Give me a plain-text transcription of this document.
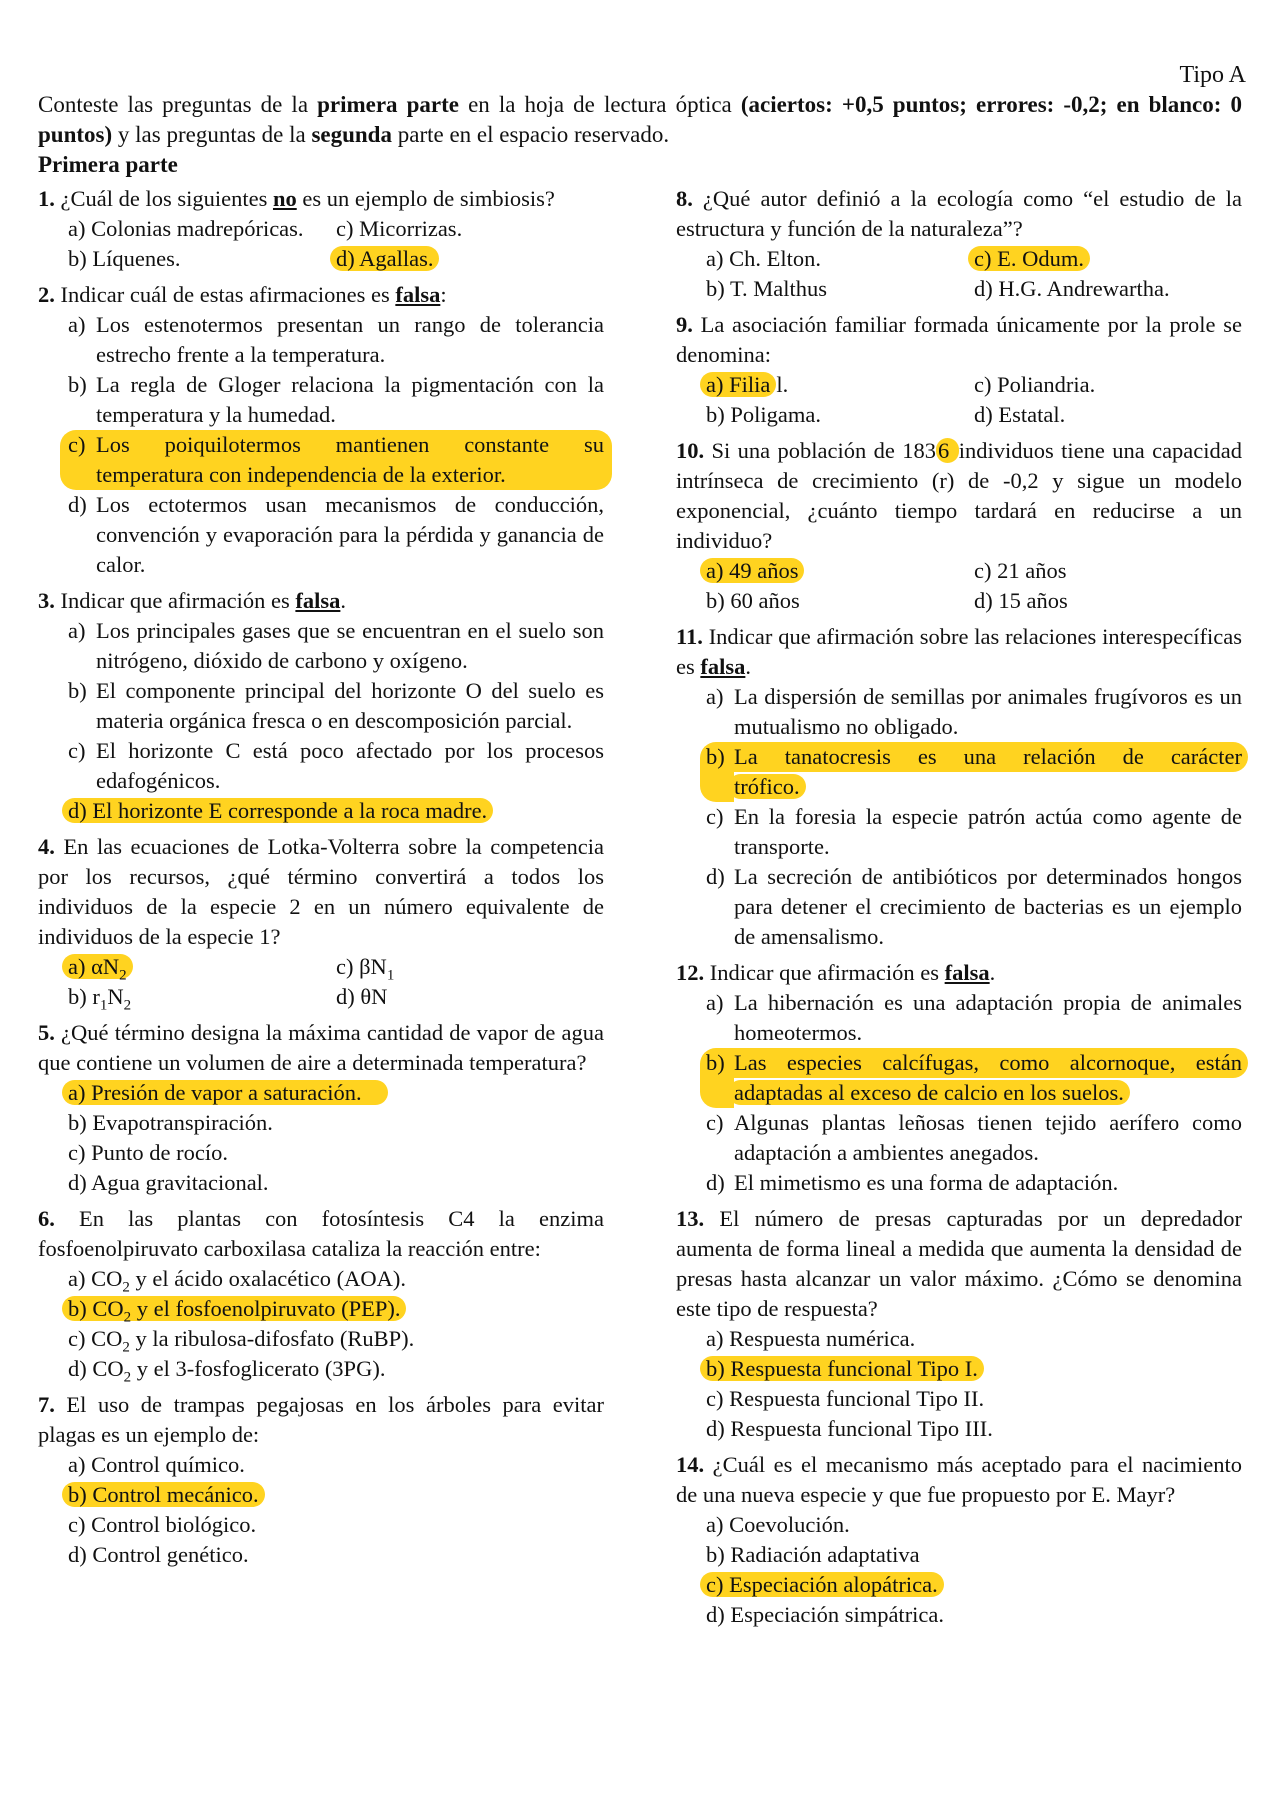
Tipo A
Conteste las preguntas de la primera parte en la hoja de lectura óptica (aciertos: +0,5 puntos; errores: -0,2; en blanco: 0 puntos) y las preguntas de la segunda parte en el espacio reservado.
Primera parte
1. ¿Cuál de los siguientes no es un ejemplo de simbiosis?
a) Colonias madrepóricas.	c) Micorrizas.
b) Líquenes.	d) Agallas.
2. Indicar cuál de estas afirmaciones es falsa:
a) Los estenotermos presentan un rango de tolerancia estrecho frente a la temperatura.
b) La regla de Gloger relaciona la pigmentación con la temperatura y la humedad.
c) Los poiquilotermos mantienen constante su
temperatura con independencia de la exterior.
d) Los ectotermos usan mecanismos de conducción, convención y evaporación para la pérdida y ganancia de calor.
3. Indicar que afirmación es falsa.
a) Los principales gases que se encuentran en el suelo son nitrógeno, dióxido de carbono y oxígeno.
b) El componente principal del horizonte O del suelo es materia orgánica fresca o en descomposición parcial.
c) El horizonte C está poco afectado por los procesos edafogénicos.
d) El horizonte E corresponde a la roca madre.
4. En las ecuaciones de Lotka-Volterra sobre la competencia por los recursos, ¿qué término convertirá a todos los individuos de la especie 2 en un número equivalente de individuos de la especie 1?
a) $\alpha N_2$	c) $\beta N_1$
b) $r_1N_2$	d) θN
5. ¿Qué término designa la máxima cantidad de vapor de agua que contiene un volumen de aire a determinada temperatura?
a) Presión de vapor a saturación.
b) Evapotranspiración.
c) Punto de rocío.
d) Agua gravitacional.
6. En las plantas con fotosíntesis C4 la enzima fosfoenolpiruvato carboxilasa cataliza la reacción entre:
a) $CO_2$ y el ácido oxalacético (AOA).
b) $CO_2$ y el fosfoenolpiruvato (PEP).
c) $CO_2$ y la ribulosa-difosfato (RuBP).
d) $CO_2$ y el 3-fosfoglicerato (3PG).
7. El uso de trampas pegajosas en los árboles para evitar plagas es un ejemplo de:
a) Control químico.
b) Control mecánico.
c) Control biológico.
d) Control genético.
8. ¿Qué autor definió a la ecología como “el estudio de la estructura y función de la naturaleza”?
a) Ch. Elton.	c) E. Odum.
b) T. Malthus	d) H.G. Andrewartha.
9. La asociación familiar formada únicamente por la prole se denomina:
a) Filia l.	c) Poliandria.
b) Poligama.	d) Estatal.
10. Si una población de 1836 individuos tiene una capacidad intrínseca de crecimiento (r) de -0,2 y sigue un modelo exponencial, ¿cuánto tiempo tardará en reducirse a un individuo?
a) 49 años	c) 21 años
b) 60 años	d) 15 años
11. Indicar que afirmación sobre las relaciones interespecíficas es falsa.
a) La dispersión de semillas por animales frugívoros es un mutualismo no obligado.
b) La tanatocresis es una relación de carácter
trófico.
c) En la foresia la especie patrón actúa como agente de transporte.
d) La secreción de antibióticos por determinados hongos para detener el crecimiento de bacterias es un ejemplo de amensalismo.
12. Indicar que afirmación es falsa.
a) La hibernación es una adaptación propia de animales homeotermos.
b) Las especies calcífugas, como alcornoque, están
adaptadas al exceso de calcio en los suelos.
c) Algunas plantas leñosas tienen tejido aerífero como adaptación a ambientes anegados.
d) El mimetismo es una forma de adaptación.
13. El número de presas capturadas por un depredador aumenta de forma lineal a medida que aumenta la densidad de presas hasta alcanzar un valor máximo. ¿Cómo se denomina este tipo de respuesta?
a) Respuesta numérica.
b) Respuesta funcional Tipo I.
c) Respuesta funcional Tipo II.
d) Respuesta funcional Tipo III.
14. ¿Cuál es el mecanismo más aceptado para el nacimiento de una nueva especie y que fue propuesto por E. Mayr?
a) Coevolución.
b) Radiación adaptativa
c) Especiación alopátrica.
d) Especiación simpátrica.
